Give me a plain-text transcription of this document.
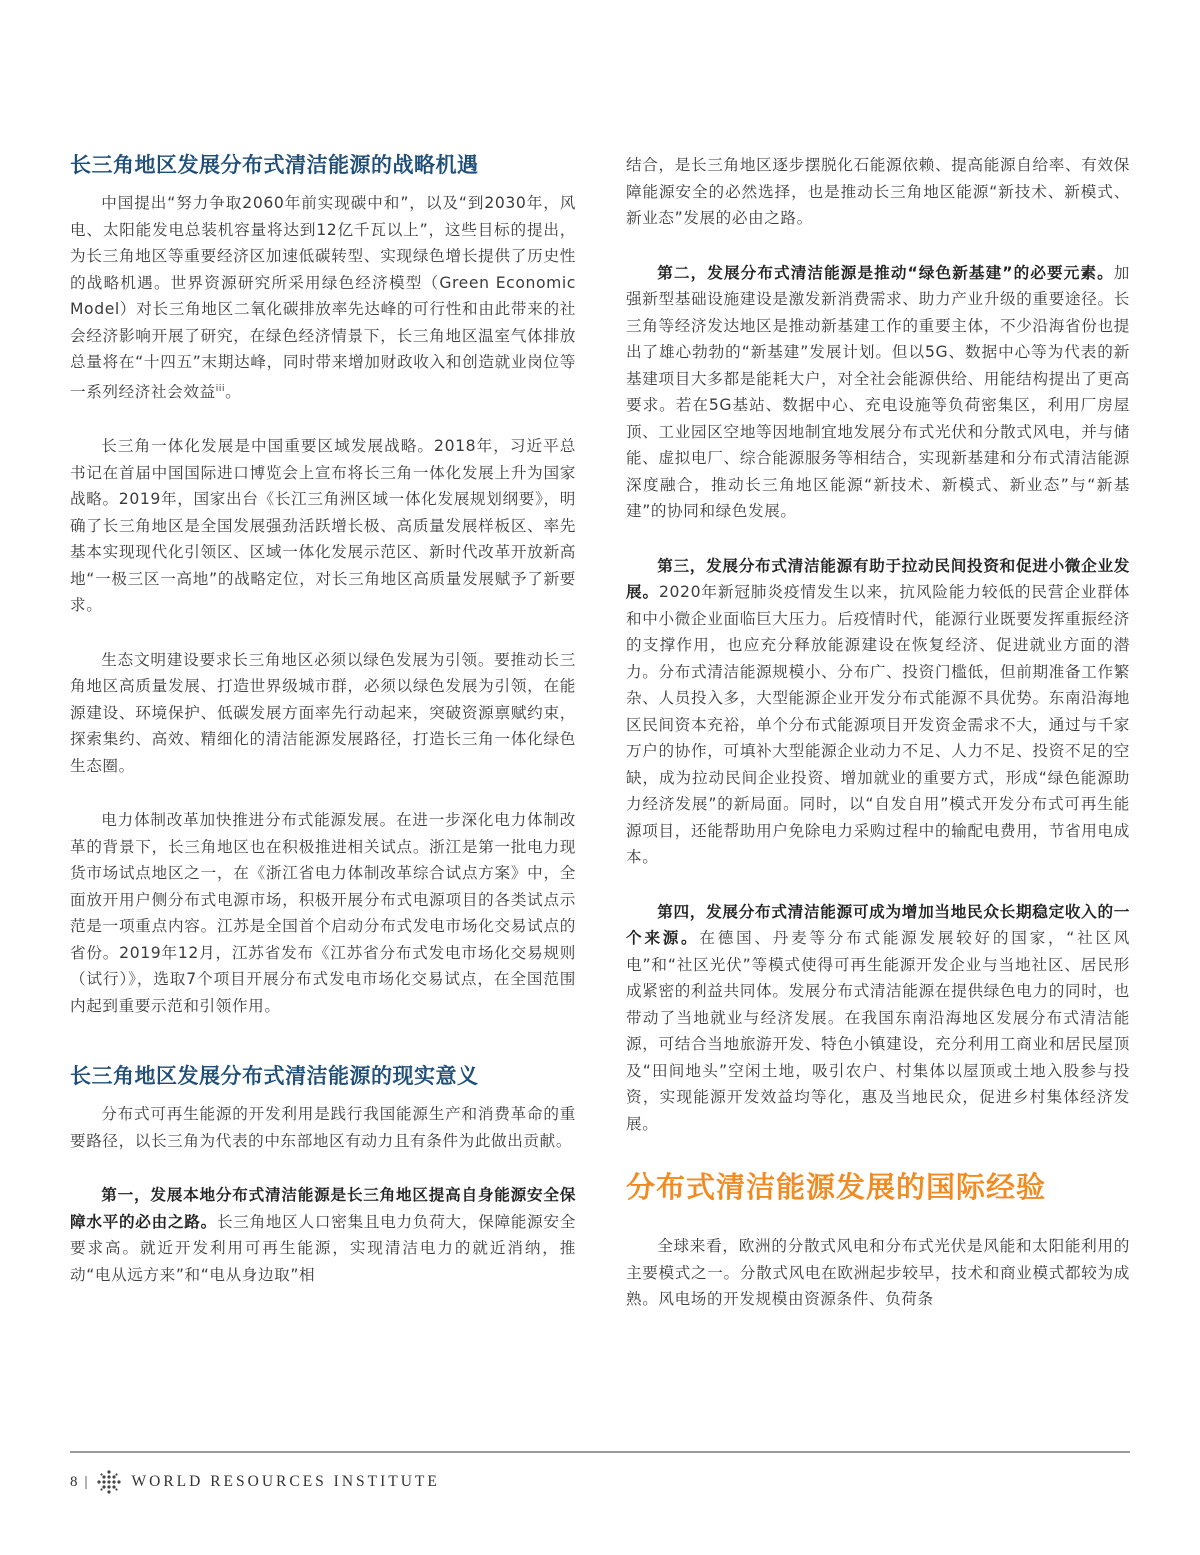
长三角地区发展分布式清洁能源的战略机遇

中国提出“努力争取2060年前实现碳中和”，以及“到2030年，风电、太阳能发电总装机容量将达到12亿千瓦以上”，这些目标的提出，为长三角地区等重要经济区加速低碳转型、实现绿色增长提供了历史性的战略机遇。世界资源研究所采用绿色经济模型（Green Economic Model）对长三角地区二氧化碳排放率先达峰的可行性和由此带来的社会经济影响开展了研究，在绿色经济情景下，长三角地区温室气体排放总量将在“十四五”末期达峰，同时带来增加财政收入和创造就业岗位等一系列经济社会效益$^{iii}$。

长三角一体化发展是中国重要区域发展战略。2018年，习近平总书记在首届中国国际进口博览会上宣布将长三角一体化发展上升为国家战略。2019年，国家出台《长江三角洲区域一体化发展规划纲要》，明确了长三角地区是全国发展强劲活跃增长极、高质量发展样板区、率先基本实现现代化引领区、区域一体化发展示范区、新时代改革开放新高地“一极三区一高地”的战略定位，对长三角地区高质量发展赋予了新要求。

生态文明建设要求长三角地区必须以绿色发展为引领。要推动长三角地区高质量发展、打造世界级城市群，必须以绿色发展为引领，在能源建设、环境保护、低碳发展方面率先行动起来，突破资源禀赋约束，探索集约、高效、精细化的清洁能源发展路径，打造长三角一体化绿色生态圈。

电力体制改革加快推进分布式能源发展。在进一步深化电力体制改革的背景下，长三角地区也在积极推进相关试点。浙江是第一批电力现货市场试点地区之一，在《浙江省电力体制改革综合试点方案》中，全面放开用户侧分布式电源市场，积极开展分布式电源项目的各类试点示范是一项重点内容。江苏是全国首个启动分布式发电市场化交易试点的省份。2019年12月，江苏省发布《江苏省分布式发电市场化交易规则（试行）》，选取7个项目开展分布式发电市场化交易试点，在全国范围内起到重要示范和引领作用。

长三角地区发展分布式清洁能源的现实意义

分布式可再生能源的开发利用是践行我国能源生产和消费革命的重要路径，以长三角为代表的中东部地区有动力且有条件为此做出贡献。

第一，发展本地分布式清洁能源是长三角地区提高自身能源安全保障水平的必由之路。长三角地区人口密集且电力负荷大，保障能源安全要求高。就近开发利用可再生能源，实现清洁电力的就近消纳，推动“电从远方来”和“电从身边取”相

结合，是长三角地区逐步摆脱化石能源依赖、提高能源自给率、有效保障能源安全的必然选择，也是推动长三角地区能源“新技术、新模式、新业态”发展的必由之路。

第二，发展分布式清洁能源是推动“绿色新基建”的必要元素。加强新型基础设施建设是激发新消费需求、助力产业升级的重要途径。长三角等经济发达地区是推动新基建工作的重要主体，不少沿海省份也提出了雄心勃勃的“新基建”发展计划。但以5G、数据中心等为代表的新基建项目大多都是能耗大户，对全社会能源供给、用能结构提出了更高要求。若在5G基站、数据中心、充电设施等负荷密集区，利用厂房屋顶、工业园区空地等因地制宜地发展分布式光伏和分散式风电，并与储能、虚拟电厂、综合能源服务等相结合，实现新基建和分布式清洁能源深度融合，推动长三角地区能源“新技术、新模式、新业态”与“新基建”的协同和绿色发展。

第三，发展分布式清洁能源有助于拉动民间投资和促进小微企业发展。2020年新冠肺炎疫情发生以来，抗风险能力较低的民营企业群体和中小微企业面临巨大压力。后疫情时代，能源行业既要发挥重振经济的支撑作用，也应充分释放能源建设在恢复经济、促进就业方面的潜力。分布式清洁能源规模小、分布广、投资门槛低，但前期准备工作繁杂、人员投入多，大型能源企业开发分布式能源不具优势。东南沿海地区民间资本充裕，单个分布式能源项目开发资金需求不大，通过与千家万户的协作，可填补大型能源企业动力不足、人力不足、投资不足的空缺，成为拉动民间企业投资、增加就业的重要方式，形成“绿色能源助力经济发展”的新局面。同时，以“自发自用”模式开发分布式可再生能源项目，还能帮助用户免除电力采购过程中的输配电费用，节省用电成本。

第四，发展分布式清洁能源可成为增加当地民众长期稳定收入的一个来源。在德国、丹麦等分布式能源发展较好的国家，“社区风电”和“社区光伏”等模式使得可再生能源开发企业与当地社区、居民形成紧密的利益共同体。发展分布式清洁能源在提供绿色电力的同时，也带动了当地就业与经济发展。在我国东南沿海地区发展分布式清洁能源，可结合当地旅游开发、特色小镇建设，充分利用工商业和居民屋顶及“田间地头”空闲土地，吸引农户、村集体以屋顶或土地入股参与投资，实现能源开发效益均等化，惠及当地民众，促进乡村集体经济发展。

分布式清洁能源发展的国际经验

全球来看，欧洲的分散式风电和分布式光伏是风能和太阳能利用的主要模式之一。分散式风电在欧洲起步较早，技术和商业模式都较为成熟。风电场的开发规模由资源条件、负荷条

8 |	WORLD RESOURCES INSTITUTE
